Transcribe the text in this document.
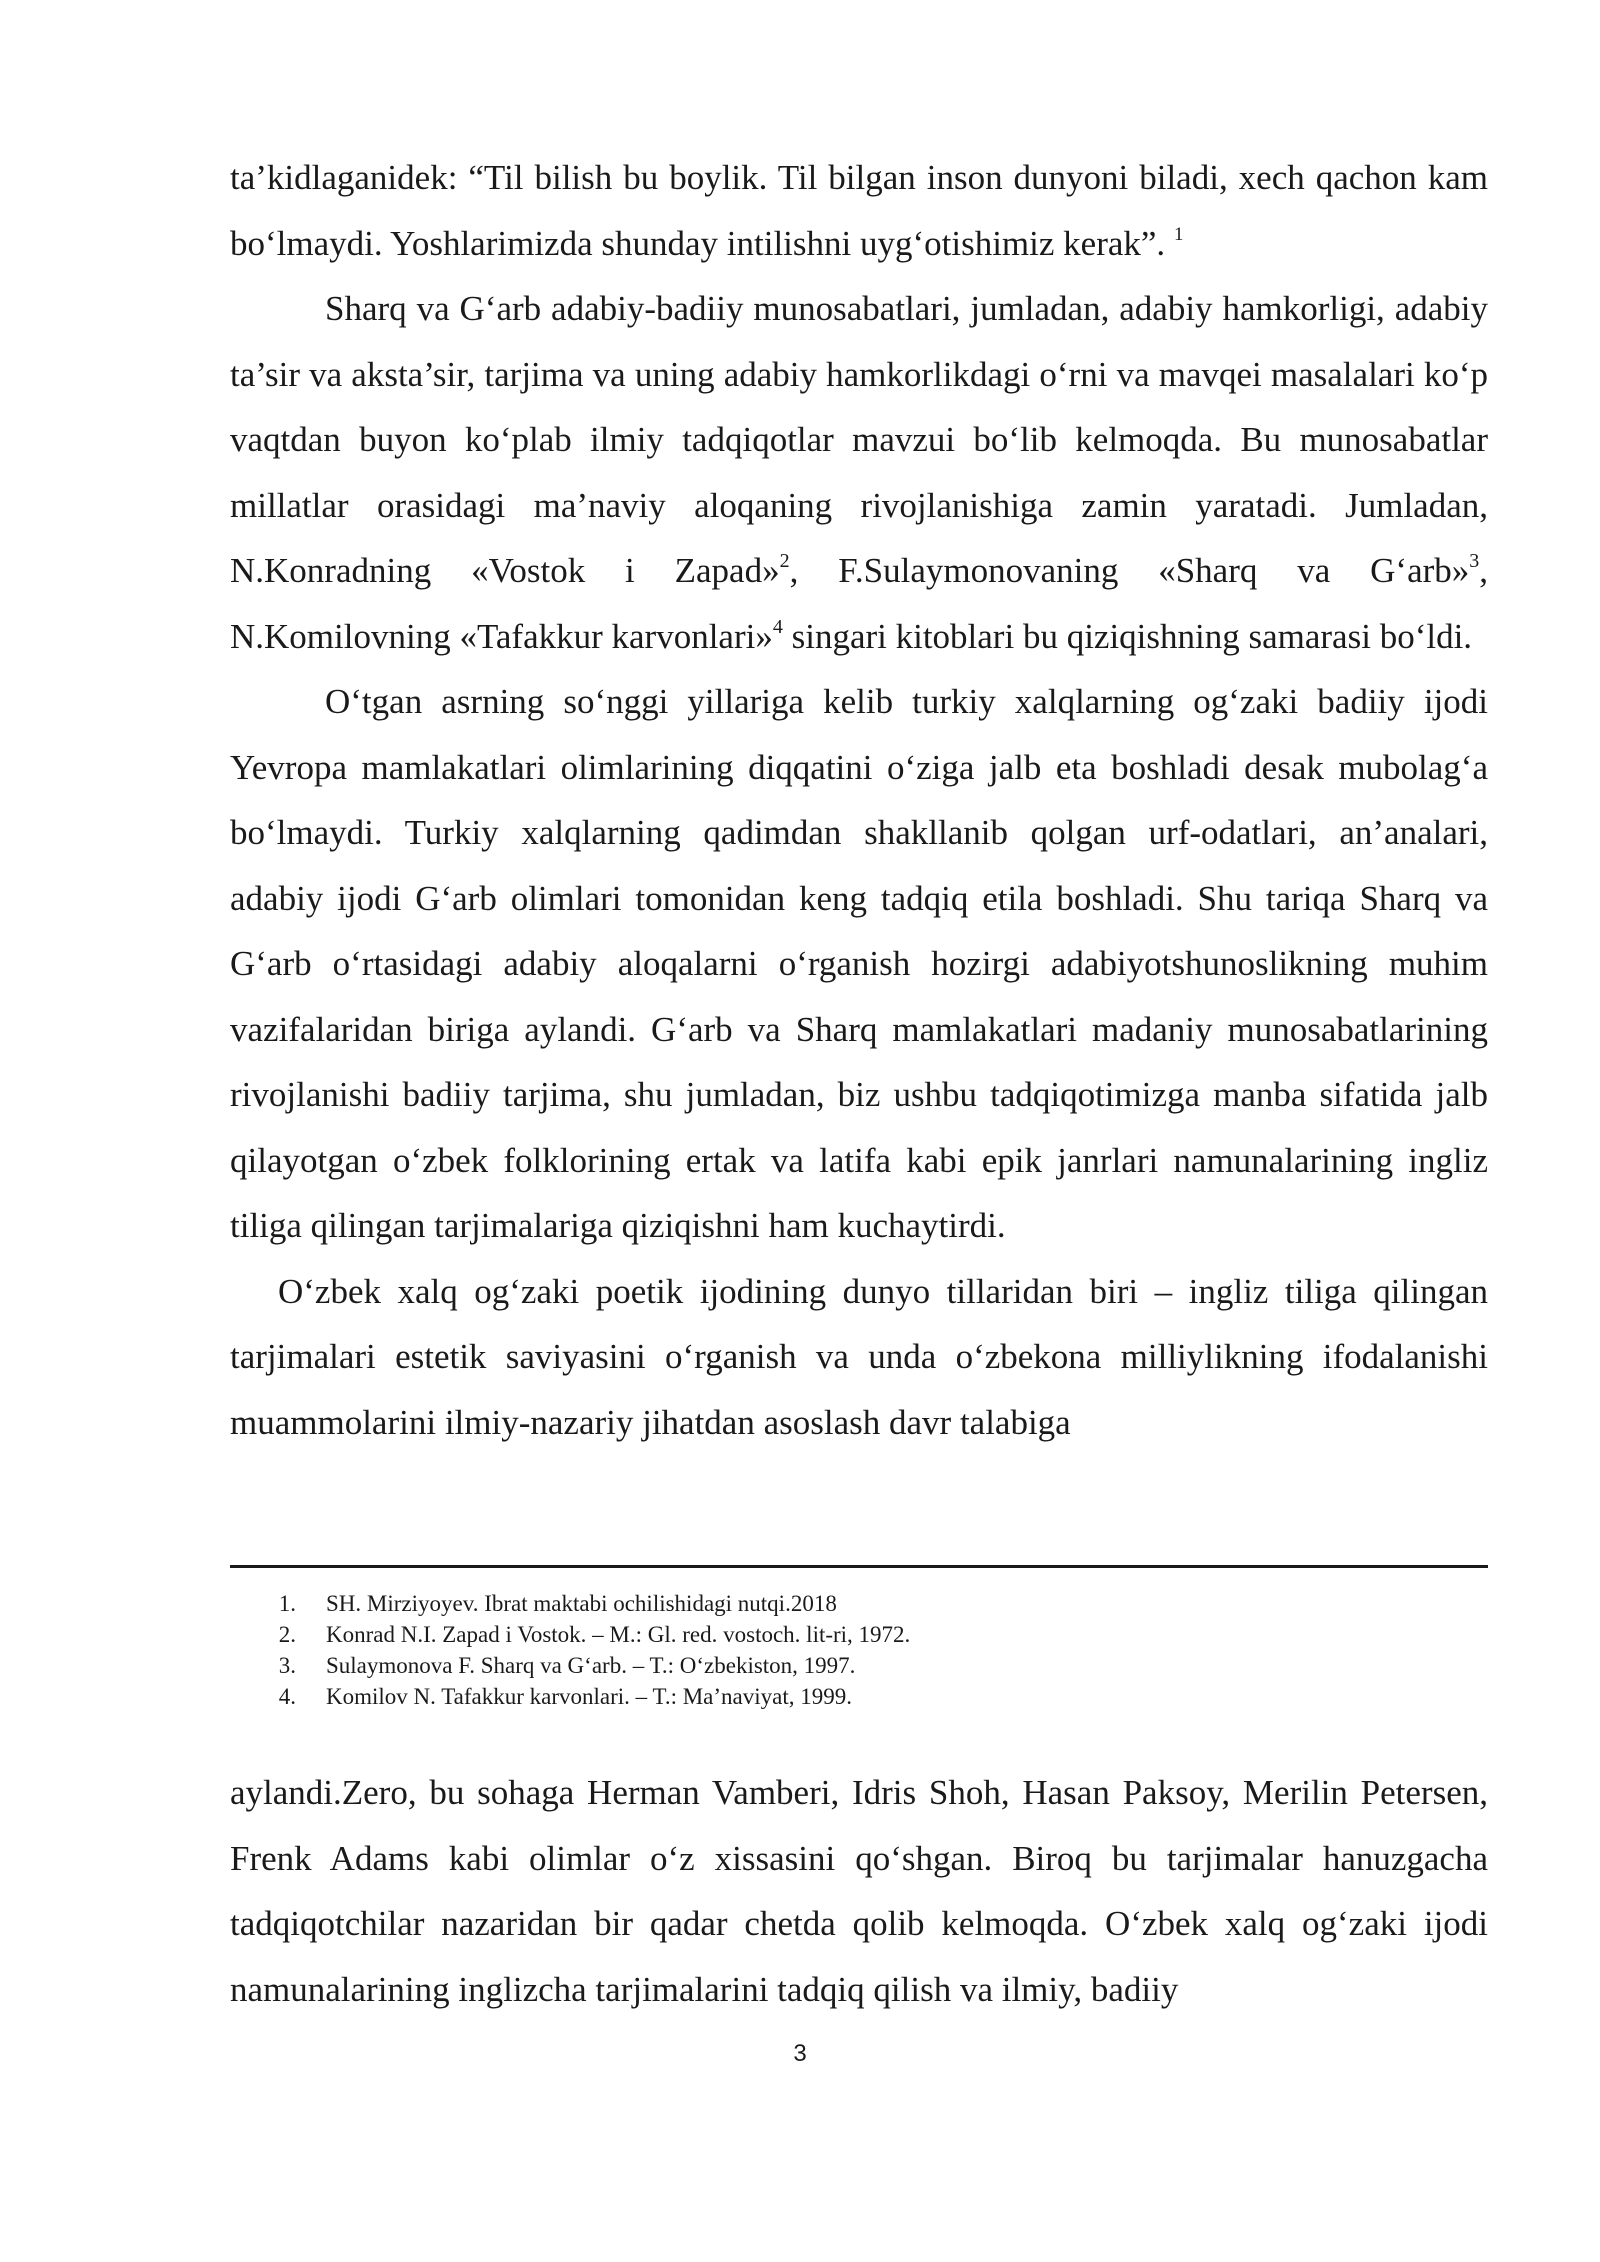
ta’kidlaganidek: “Til bilish bu boylik. Til bilgan inson dunyoni biladi, xech qachon kam bo‘lmaydi. Yoshlarimizda shunday intilishni uyg‘otishimiz kerak”. $^1$

Sharq va G‘arb adabiy-badiiy munosabatlari, jumladan, adabiy hamkorligi, adabiy ta’sir va aksta’sir, tarjima va uning adabiy hamkorlikdagi o‘rni va mavqei masalalari ko‘p vaqtdan buyon ko‘plab ilmiy tadqiqotlar mavzui bo‘lib kelmoqda. Bu munosabatlar millatlar orasidagi ma’naviy aloqaning rivojlanishiga zamin yaratadi. Jumladan, N.Konradning «Vostok i Zapad»$^2$, F.Sulaymonovaning «Sharq va G‘arb»$^3$, N.Komilovning «Tafakkur karvonlari»$^4$ singari kitoblari bu qiziqishning samarasi bo‘ldi.

O‘tgan asrning so‘nggi yillariga kelib turkiy xalqlarning og‘zaki badiiy ijodi Yevropa mamlakatlari olimlarining diqqatini o‘ziga jalb eta boshladi desak mubolag‘a bo‘lmaydi. Turkiy xalqlarning qadimdan shakllanib qolgan urf-odatlari, an’analari, adabiy ijodi G‘arb olimlari tomonidan keng tadqiq etila boshladi. Shu tariqa Sharq va G‘arb o‘rtasidagi adabiy aloqalarni o‘rganish hozirgi adabiyotshunoslikning muhim vazifalaridan biriga aylandi. G‘arb va Sharq mamlakatlari madaniy munosabatlarining rivojlanishi badiiy tarjima, shu jumladan, biz ushbu tadqiqotimizga manba sifatida jalb qilayotgan o‘zbek folklorining ertak va latifa kabi epik janrlari namunalarining ingliz tiliga qilingan tarjimalariga qiziqishni ham kuchaytirdi.

O‘zbek xalq og‘zaki poetik ijodining dunyo tillaridan biri – ingliz tiliga qilingan tarjimalari estetik saviyasini o‘rganish va unda o‘zbekona milliylikning ifodalanishi muammolarini ilmiy-nazariy jihatdan asoslash davr talabiga

1.	SH. Mirziyoyev. Ibrat maktabi ochilishidagi nutqi.2018
2.	Konrad N.I. Zapad i Vostok. – M.: Gl. red. vostoch. lit-ri, 1972.
3.	Sulaymonova F. Sharq va G‘arb. – T.: O‘zbekiston, 1997.
4.	Komilov N. Tafakkur karvonlari. – T.: Ma’naviyat, 1999.

aylandi.Zero, bu sohaga Herman Vamberi, Idris Shoh, Hasan Paksoy, Merilin Petersen, Frenk Adams kabi olimlar o‘z xissasini qo‘shgan. Biroq bu tarjimalar hanuzgacha tadqiqotchilar nazaridan bir qadar chetda qolib kelmoqda. O‘zbek xalq og‘zaki ijodi namunalarining inglizcha tarjimalarini tadqiq qilish va ilmiy, badiiy

3
